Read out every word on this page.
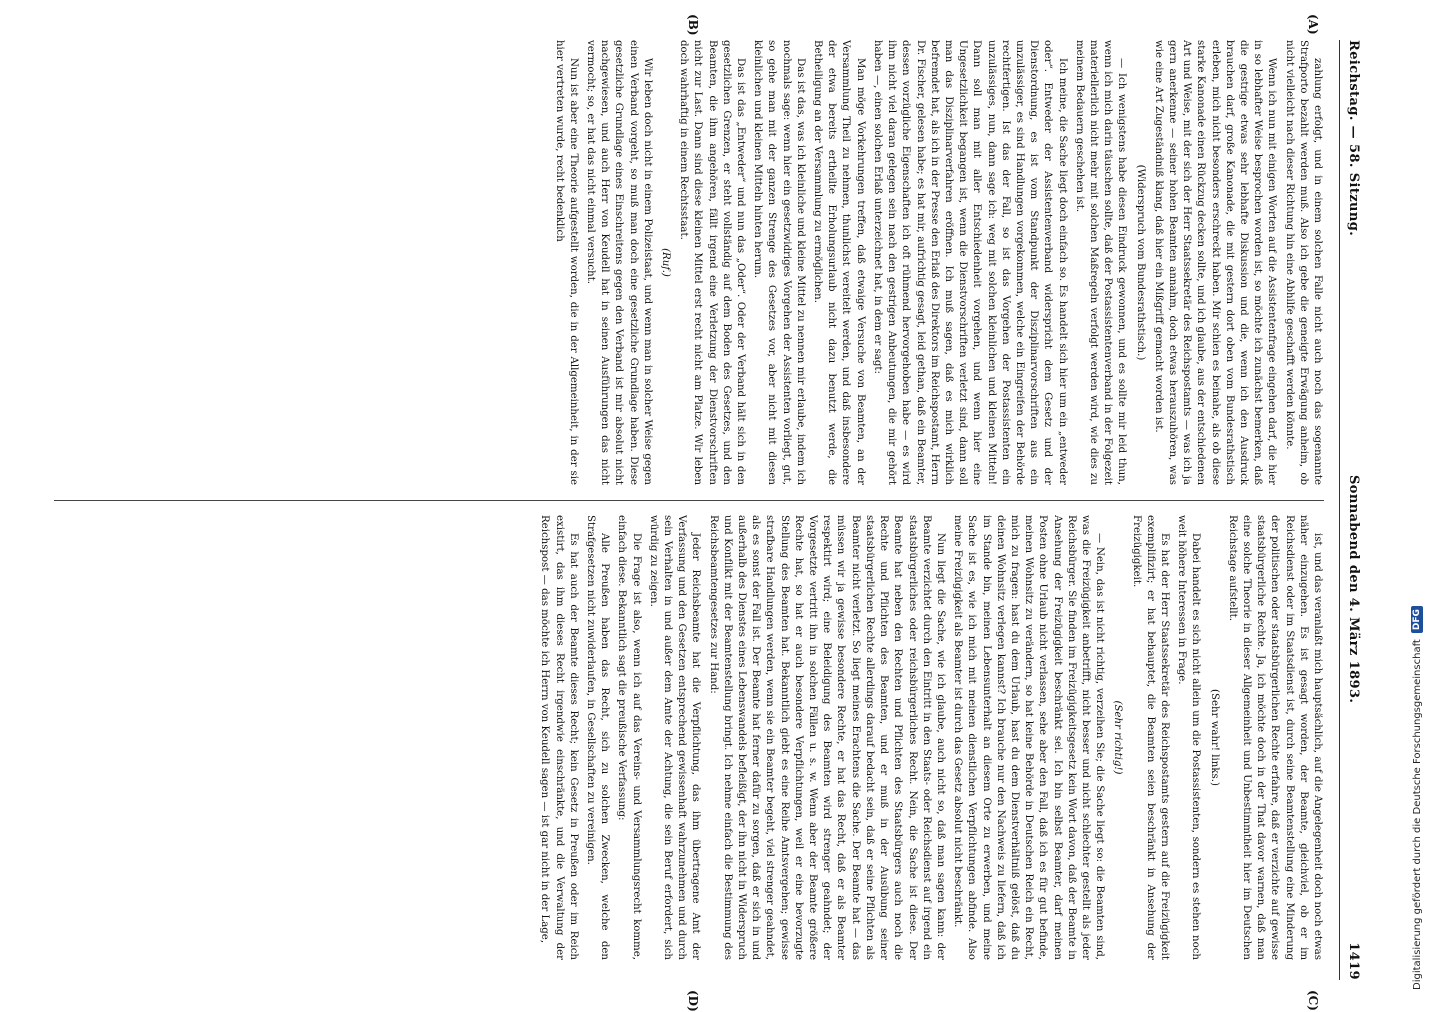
Reichstag. — 58. Sitzung.
Sonnabend den 4. März 1893.
1419
(A)
(B)
(C)
(D)

zahlung erfolgt, und in einem solchen Falle nicht auch noch das sogenannte Strafporto bezahlt werden muß. Also ich gebe die geneigte Erwägung anheim, ob nicht vielleicht nach dieser Richtung hin eine Abhilfe geschafft werden könnte.

Wenn ich nun mit einigen Worten auf die Assistentenfrage eingehen darf, die hier in so lebhafter Weise besprochen worden ist, so möchte ich zunächst bemerken, daß die gestrige etwas sehr lebhafte Diskussion und die, wenn ich den Ausdruck brauchen darf, große Kanonade, die mit gestern dort oben vom Bundesrathstisch erleben, mich nicht besonders erschreckt haben. Mir schien es beinahe, als ob diese starke Kanonade einen Rückzug decken sollte, und ich glaube, aus der entschiedenen Art und Weise, mit der sich der Herr Staatssekretär des Reichspostamts — was ich ja gern anerkenne — seiner hohen Beamten annahm, doch etwas herauszuhören, was wie eine Art Zugeständniß klang, daß hier ein Mißgriff gemacht worden ist.

(Widerspruch vom Bundesrathstisch.)

— Ich wenigstens habe diesen Eindruck gewonnen, und es sollte mir leid thun, wenn ich mich darin täuschen sollte, daß der Postassistentenverband in der Folgezeit materiellerlich nicht mehr mit solchen Maßregeln verfolgt werden wird, wie dies zu meinem Bedauern geschehen ist.

Ich meine, die Sache liegt doch einfach so. Es handelt sich hier um ein „entweder oder“. Entweder der Assistentenverband widerspricht dem Gesetz und der Dienstordnung, es ist vom Standpunkt der Disziplinarvorschriften aus ein unzulässiger, es sind Handlungen vorgekommen, welche ein Eingreifen der Behörde rechtfertigen. Ist das der Fall, so ist das Vorgehen der Postassistenten ein unzulässiges, nun, dann sage ich: weg mit solchen kleinlichen und kleinen Mitteln! Dann soll man mit aller Entschiedenheit vorgehen, und wenn hier eine Ungesetzlichkeit begangen ist, wenn die Dienstvorschriften verletzt sind, dann soll man das Disziplinarverfahren eröffnen. Ich muß sagen, daß es mich wirklich befremdet hat, als ich in der Presse den Erlaß des Direktors im Reichspostamt, Herrn Dr. Fischer, gelesen habe; es hat mir, aufrichtig gesagt, leid gethan, daß ein Beamter, dessen vorzügliche Eigenschaften ich oft rühmend hervorgehoben habe — es wird ihm nicht viel daran gelegen sein nach den gestrigen Anbeutungen, die mir gehört haben —, einen solchen Erlaß unterzeichnet hat, in dem er sagt:

Man möge Vorkehrungen treffen, daß etwaige Versuche von Beamten, an der Versammlung Theil zu nehmen, thunlichst vereitelt werden, und daß insbesondere der etwa bereits ertheilte Erholungsurlaub nicht dazu benutzt werde, die Betheiligung an der Versammlung zu ermöglichen.

Das ist das, was ich kleinliche und kleine Mittel zu nennen mir erlaube, indem ich nochmals sage: wenn hier ein gesetzwidriges Vorgehen der Assistenten vorliegt, gut, so gehe man mit der ganzen Strenge des Gesetzes vor, aber nicht mit diesen kleinlichen und kleinen Mitteln hinten herum.

Das ist das „Entweder“ und nun das „Oder“. Oder der Verband hält sich in den gesetzlichen Grenzen, er steht vollständig auf dem Boden des Gesetzes, und den Beamten, die ihm angehören, fällt irgend eine Verletzung der Dienstvorschriften nicht zur Last. Dann sind diese kleinen Mittel erst recht nicht am Platze. Wir leben doch wahrhaftig in einem Rechtsstaat.

(Ruf.)

Wir leben doch nicht in einem Polizeistaat, und wenn man in solcher Weise gegen einen Verband vorgeht, so muß man doch eine gesetzliche Grundlage haben. Diese gesetzliche Grundlage eines Einschreitens gegen den Verband ist mir absolut nicht nachgewiesen, und auch Herr von Keudell hat in seinen Ausführungen das nicht vermocht; so, er hat das nicht einmal versucht.

Nun ist aber eine Theorie aufgestellt worden, die in der Allgemeinheit, in der sie hier vertreten wurde, recht bedenklich

ist, und das veranlaßt mich hauptsächlich, auf die Angelegenheit doch noch etwas näher einzugehen. Es ist gesagt worden, der Beamte, gleichviel, ob er im Reichsdienst oder im Staatsdienst ist, durch seine Beamtenstellung eine Minderung der politischen oder staatsbürgerlichen Rechte erfahre, daß er verzichte auf gewisse staatsbürgerliche Rechte. Ja, ich möchte doch in der That davor warnen, daß man eine solche Theorie in dieser Allgemeinheit und Unbestimmtheit hier im Deutschen Reichstage aufstellt.

(Sehr wahr! links.)

Dabei handelt es sich nicht allein um die Postassistenten, sondern es stehen noch weit höhere Interessen in Frage.

Es hat der Herr Staatssekretär des Reichspostamts gestern auf die Freizügigkeit exemplifizirt; er hat behauptet, die Beamten seien beschränkt in Ansehung der Freizügigkeit.

(Sehr richtig!)

— Nein, das ist nicht richtig, verzeihen Sie; die Sache liegt so: die Beamten sind, was die Freizügigkeit anbetrifft, nicht besser und nicht schlechter gestellt als jeder Reichsbürger. Sie finden im Freizügigkeitsgesetz kein Wort davon, daß der Beamte in Ansehung der Freizügigkeit beschränkt sei. Ich bin selbst Beamter, darf meinen Posten ohne Urlaub nicht verlassen, sehe aber den Fall, daß ich es für gut befinde, meinen Wohnsitz zu verändern, so hat keine Behörde in Deutschen Reich ein Recht, mich zu fragen: hast du dem Urlaub, hast du dem Dienstverhältniß gelöst, daß du deinen Wohnsitz verlegen kannst? Ich brauche nur den Nachweis zu liefern, daß ich im Stande bin, meinen Lebensunterhalt an diesem Orte zu erwerben, und meine Sache ist es, wie ich mich mit meinen dienstlichen Verpflichtungen abfinde. Also meine Freizügigkeit als Beamter ist durch das Gesetz absolut nicht beschränkt.

Nun liegt die Sache, wie ich glaube, auch nicht so, daß man sagen kann: der Beamte verzichtet durch den Eintritt in den Staats- oder Reichsdienst auf irgend ein staatsbürgerliches oder reichsbürgerliches Recht. Nein, die Sache ist diese. Der Beamte hat neben den Rechten und Pflichten des Staatsbürgers auch noch die Rechte und Pflichten des Beamten, und er muß in der Ausübung seiner staatsbürgerlichen Rechte allerdings darauf bedacht sein, daß er seine Pflichten als Beamter nicht verletzt. So liegt meines Erachtens die Sache. Der Beamte hat — das müssen wir ja gewisse besondere Rechte, er hat das Recht, daß er als Beamter respektirt wird; eine Beleidigung des Beamten wird strenger geahndet; der Vorgesetzte vertritt ihn in solchen Fällen u. s. w. Wenn aber der Beamte größere Rechte hat, so hat er auch besondere Verpflichtungen, weil er eine bevorzugte Stellung des Beamten hat. Bekanntlich giebt es eine Reihe Amtsvergehen; gewisse strafbare Handlungen werden, wenn sie ein Beamter begeht, viel strenger geahndet, als es sonst der Fall ist. Der Beamte hat ferner dafür zu sorgen, daß er sich in und außerhalb des Dienstes eines Lebenswandels befleißigt, der ihn nicht in Widerspruch und Konflikt mit der Beamtenstellung bringt. Ich nehme einfach die Bestimmung des Reichsbeamtengesetzes zur Hand:

Jeder Reichsbeamte hat die Verpflichtung, das ihm übertragene Amt der Verfassung und den Gesetzen entsprechend gewissenhaft wahrzunehmen und durch sein Verhalten in und außer dem Amte der Achtung, die sein Beruf erfordert, sich würdig zu zeigen.

Die Frage ist also, wenn ich auf das Vereins- und Versammlungsrecht komme, einfach diese. Bekanntlich sagt die preußische Verfassung:

Alle Preußen haben das Recht, sich zu solchen Zwecken, welche den Strafgesetzen nicht zuwiderlaufen, in Gesellschaften zu vereinigen.

Es hat auch der Beamte dieses Recht; kein Gesetz in Preußen oder im Reich existirt, das ihm dieses Recht irgendwie einschränkte, und die Verwaltung der Reichspost — das möchte ich Herrn von Keudell sagen — ist gar nicht in der Lage,	Digitalisierung gefördert durch die Deutsche Forschungsgemeinschaft
DFG
